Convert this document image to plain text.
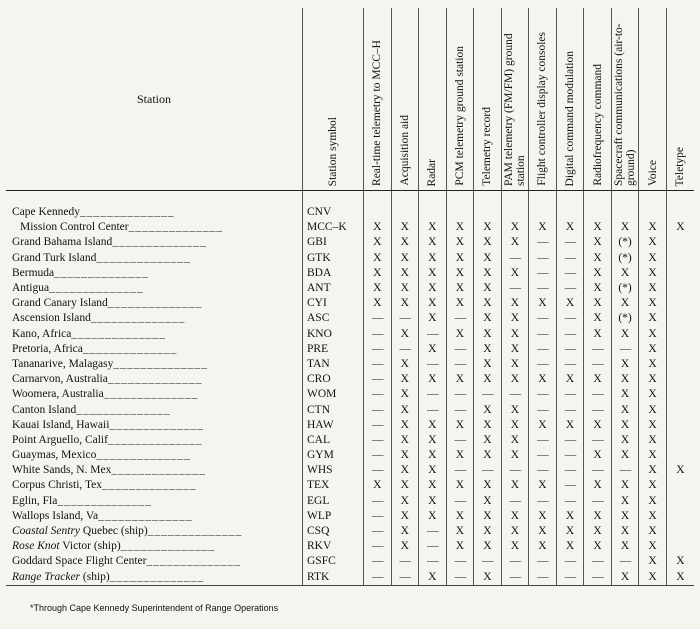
Station	Station symbol	Real-time telemetry to MCC–H	Acquisition aid	Radar	PCM telemetry ground station	Telemetry record	PAM telemetry (FM/FM) ground station	Flight controller display consoles	Digital command modulation	Radiofrequency command	Spacecraft communications (air-to-ground)	Voice	Teletype

Cape Kennedy______________	CNV												
Mission Control Center______________	MCC–K	X	X	X	X	X	X	X	X	X	X	X	X
Grand Bahama Island______________	GBI	X	X	X	X	X	X	—	—	X	(*)	X	
Grand Turk Island______________	GTK	X	X	X	X	X	—	—	—	X	(*)	X	
Bermuda______________	BDA	X	X	X	X	X	X	—	—	X	X	X	
Antigua______________	ANT	X	X	X	X	X	—	—	—	X	(*)	X	
Grand Canary Island______________	CYI	X	X	X	X	X	X	X	X	X	X	X	
Ascension Island______________	ASC	—	—	X	—	X	X	—	—	X	(*)	X	
Kano, Africa______________	KNO	—	X	—	X	X	X	—	—	X	X	X	
Pretoria, Africa______________	PRE	—	—	X	—	X	X	—	—	—	—	X	
Tananarive, Malagasy______________	TAN	—	X	—	—	X	X	—	—	—	X	X	
Carnarvon, Australia______________	CRO	—	X	X	X	X	X	X	X	X	X	X	
Woomera, Australia______________	WOM	—	X	—	—	—	—	—	—	—	X	X	
Canton Island______________	CTN	—	X	—	—	X	X	—	—	—	X	X	
Kauai Island, Hawaii______________	HAW	—	X	X	X	X	X	X	X	X	X	X	
Point Arguello, Calif______________	CAL	—	X	X	—	X	X	—	—	—	X	X	
Guaymas, Mexico______________	GYM	—	X	X	X	X	X	—	—	X	X	X	
White Sands, N. Mex______________	WHS	—	X	X	—	—	—	—	—	—	—	X	X
Corpus Christi, Tex______________	TEX	X	X	X	X	X	X	X	—	X	X	X	
Eglin, Fla______________	EGL	—	X	X	—	X	—	—	—	—	X	X	
Wallops Island, Va______________	WLP	—	X	X	X	X	X	X	X	X	X	X	
Coastal Sentry Quebec (ship)______________	CSQ	—	X	—	X	X	X	X	X	X	X	X	
Rose Knot Victor (ship)______________	RKV	—	X	—	X	X	X	X	X	X	X	X	
Goddard Space Flight Center______________	GSFC	—	—	—	—	—	—	—	—	—	—	X	X
Range Tracker (ship)______________	RTK	—	—	X	—	X	—	—	—	—	X	X	X
*Through Cape Kennedy Superintendent of Range Operations
